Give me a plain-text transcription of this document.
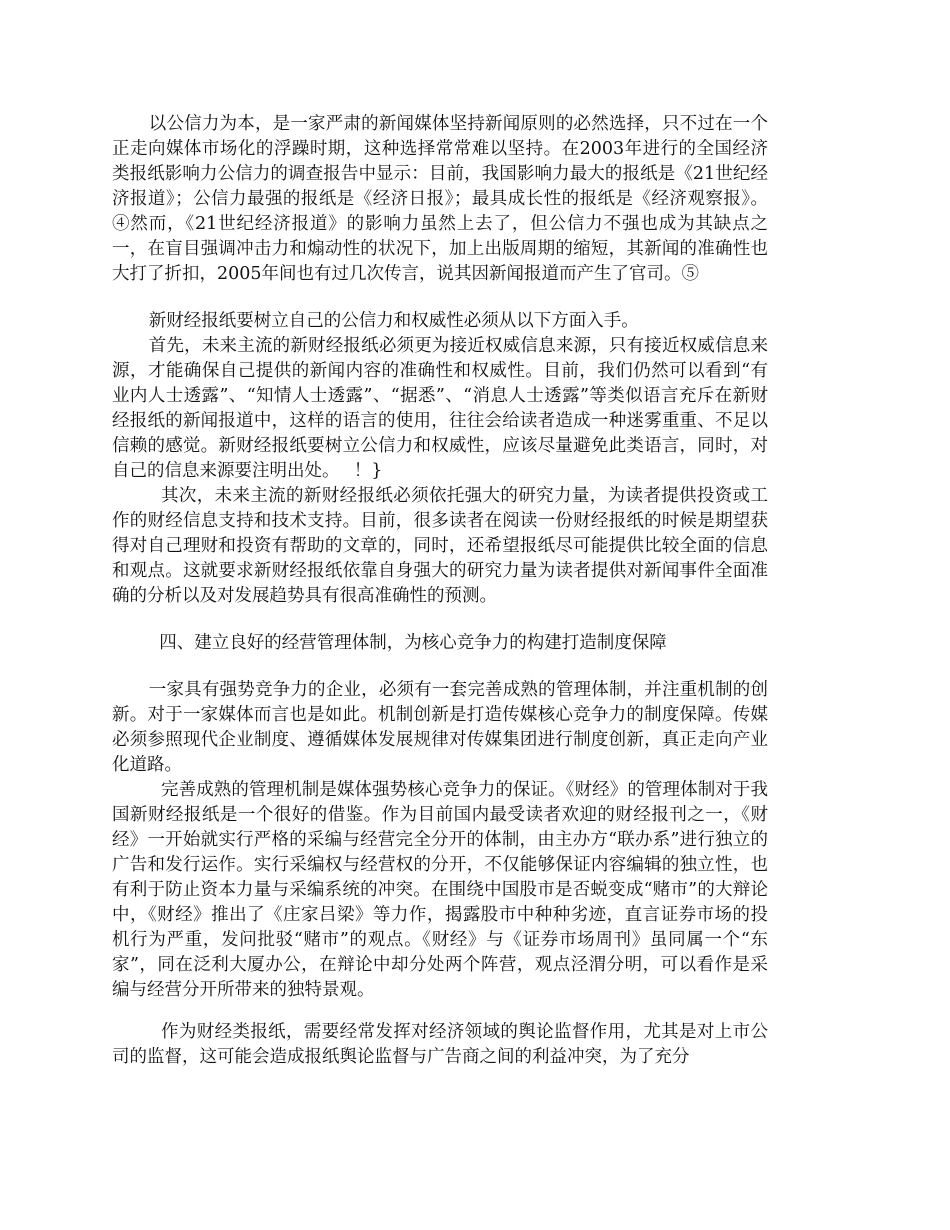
以公信力为本，是一家严肃的新闻媒体坚持新闻原则的必然选择，只不过在一个正走向媒体市场化的浮躁时期，这种选择常常难以坚持。在2003年进行的全国经济类报纸影响力公信力的调查报告中显示：目前，我国影响力最大的报纸是《21世纪经济报道》；公信力最强的报纸是《经济日报》；最具成长性的报纸是《经济观察报》。④然而，《21世纪经济报道》的影响力虽然上去了，但公信力不强也成为其缺点之一，在盲目强调冲击力和煽动性的状况下，加上出版周期的缩短，其新闻的准确性也大打了折扣，2005年间也有过几次传言，说其因新闻报道而产生了官司。⑤

新财经报纸要树立自己的公信力和权威性必须从以下方面入手。

首先，未来主流的新财经报纸必须更为接近权威信息来源，只有接近权威信息来源，才能确保自己提供的新闻内容的准确性和权威性。目前，我们仍然可以看到“有业内人士透露”、“知情人士透露”、“据悉”、“消息人士透露”等类似语言充斥在新财经报纸的新闻报道中，这样的语言的使用，往往会给读者造成一种迷雾重重、不足以信赖的感觉。新财经报纸要树立公信力和权威性，应该尽量避免此类语言，同时，对自己的信息来源要注明出处。　 ！}

其次，未来主流的新财经报纸必须依托强大的研究力量，为读者提供投资或工作的财经信息支持和技术支持。目前，很多读者在阅读一份财经报纸的时候是期望获得对自己理财和投资有帮助的文章的，同时，还希望报纸尽可能提供比较全面的信息和观点。这就要求新财经报纸依靠自身强大的研究力量为读者提供对新闻事件全面准确的分析以及对发展趋势具有很高准确性的预测。

四、建立良好的经营管理体制，为核心竞争力的构建打造制度保障

一家具有强势竞争力的企业，必须有一套完善成熟的管理体制，并注重机制的创新。对于一家媒体而言也是如此。机制创新是打造传媒核心竞争力的制度保障。传媒必须参照现代企业制度、遵循媒体发展规律对传媒集团进行制度创新，真正走向产业化道路。

完善成熟的管理机制是媒体强势核心竞争力的保证。《财经》的管理体制对于我国新财经报纸是一个很好的借鉴。作为目前国内最受读者欢迎的财经报刊之一，《财经》一开始就实行严格的采编与经营完全分开的体制，由主办方“联办系”进行独立的广告和发行运作。实行采编权与经营权的分开，不仅能够保证内容编辑的独立性，也有利于防止资本力量与采编系统的冲突。在围绕中国股市是否蜕变成“赌市”的大辩论中，《财经》推出了《庄家吕梁》等力作，揭露股市中种种劣迹，直言证券市场的投机行为严重，发问批驳“赌市”的观点。《财经》与《证券市场周刊》虽同属一个“东家”，同在泛利大厦办公，在辩论中却分处两个阵营，观点泾渭分明，可以看作是采编与经营分开所带来的独特景观。

作为财经类报纸，需要经常发挥对经济领域的舆论监督作用，尤其是对上市公司的监督，这可能会造成报纸舆论监督与广告商之间的利益冲突，为了充分
